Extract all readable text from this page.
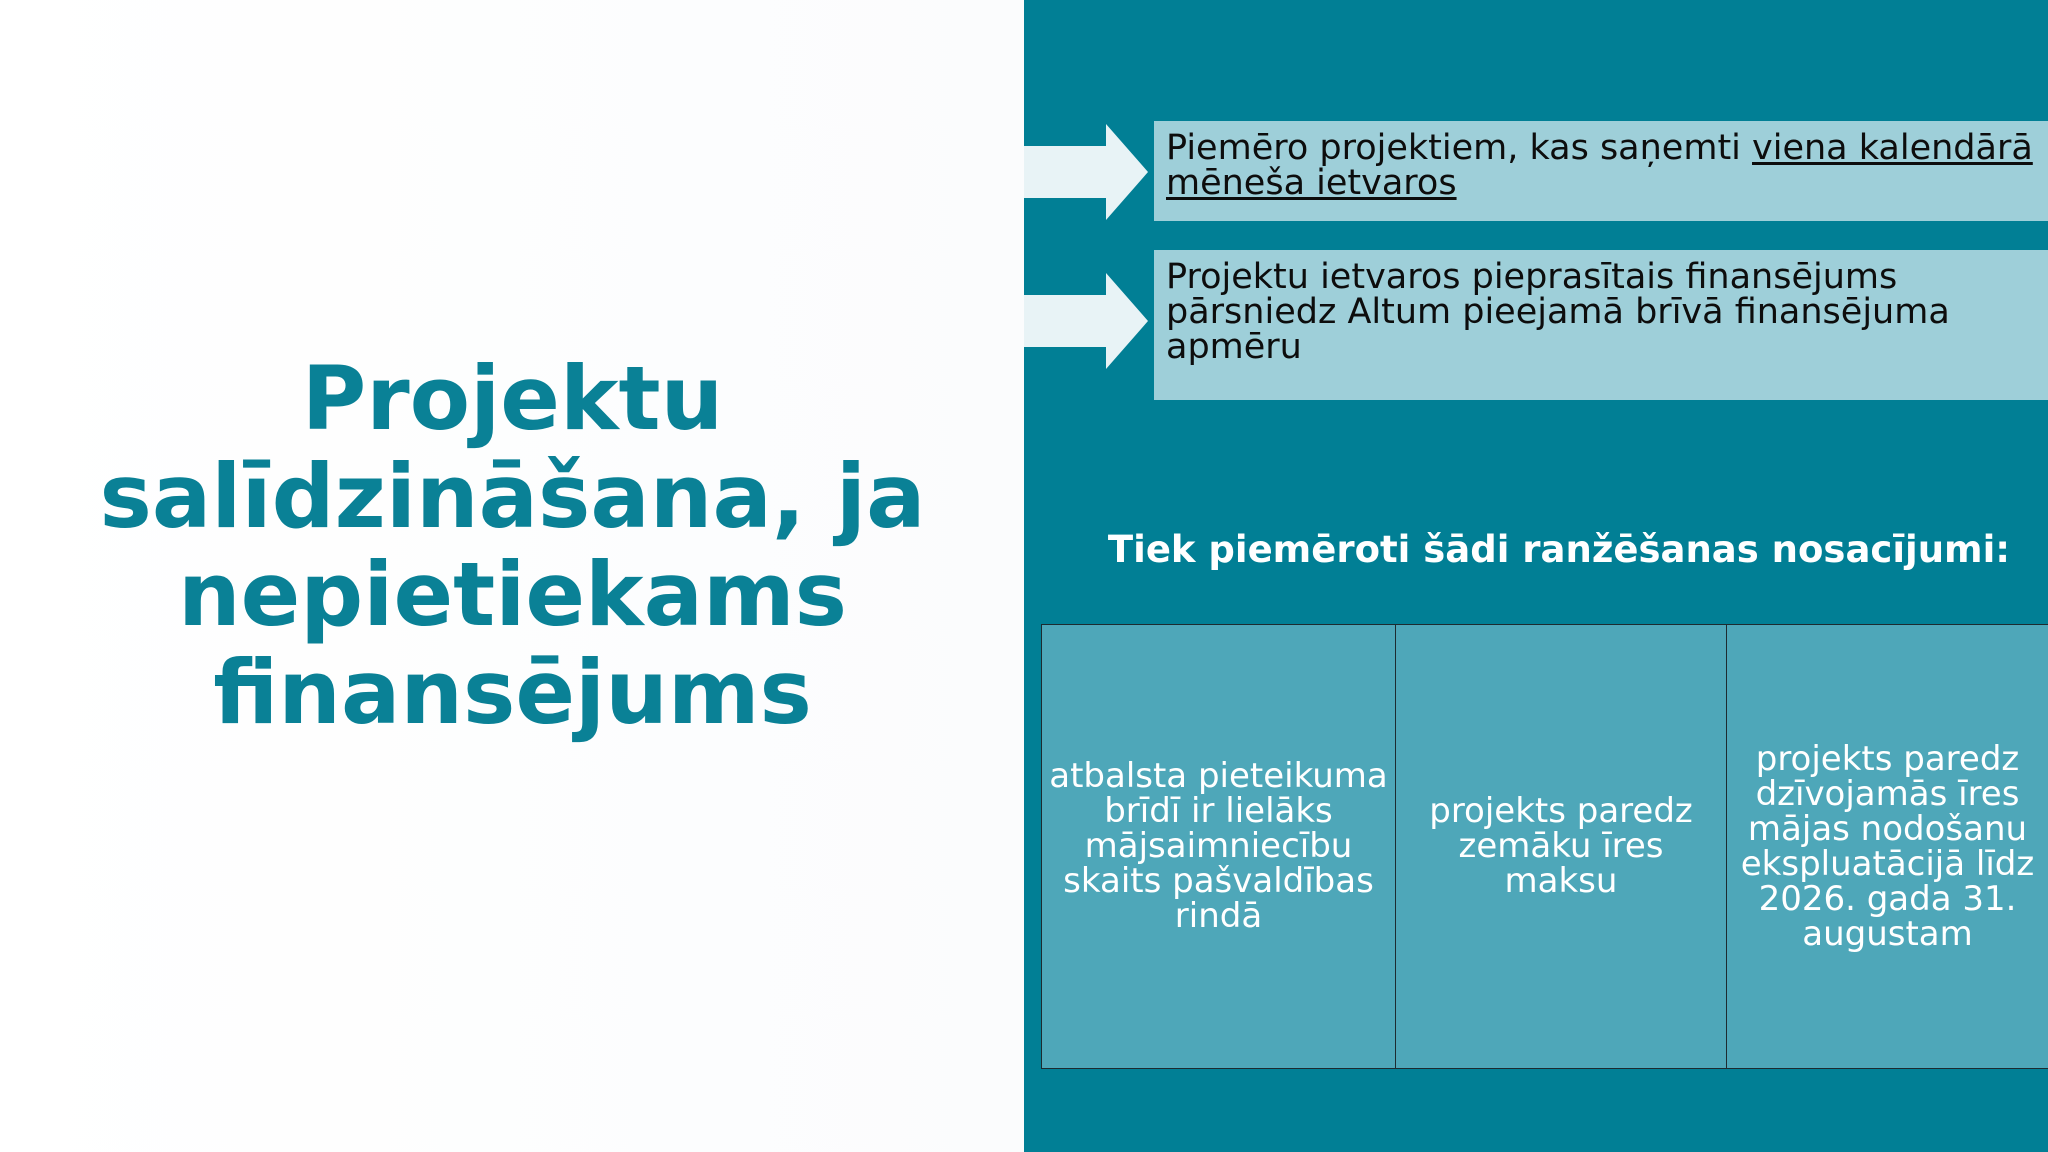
Projektu
salīdzināšana, ja
nepietiekams
finansējums
Piemēro projektiem, kas saņemti viena kalendārā mēneša ietvaros
Projektu ietvaros pieprasītais finansējums pārsniedz Altum pieejamā brīvā finansējuma apmēru
Tiek piemēroti šādi ranžēšanas nosacījumi:
atbalsta pieteikuma brīdī ir lielāks mājsaimniecību skaits pašvaldības rindā
projekts paredz zemāku īres maksu
projekts paredz dzīvojamās īres mājas nodošanu ekspluatācijā līdz 2026. gada 31. augustam
